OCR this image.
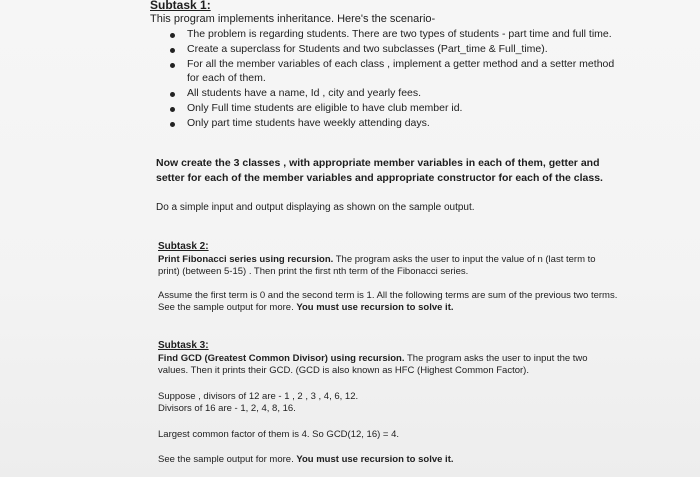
Subtask 1:
This program implements inheritance. Here's the scenario-
The problem is regarding students. There are two types of students - part time and full time.
Create a superclass for Students and two subclasses (Part_time & Full_time).
For all the member variables of each class , implement a getter method and a setter method for each of them.
All students have a name, Id , city and yearly fees.
Only Full time students are eligible to have club member id.
Only part time students have weekly attending days.
Now create the 3 classes , with appropriate member variables in each of them, getter and setter for each of the member variables and appropriate constructor for each of the class.
Do a simple input and output displaying as shown on the sample output.
Subtask 2:

Print Fibonacci series using recursion. The program asks the user to input the value of n (last term to print) (between 5-15) . Then print the first nth term of the Fibonacci series.

Assume the first term is 0 and the second term is 1. All the following terms are sum of the previous two terms. See the sample output for more. You must use recursion to solve it.

Subtask 3:

Find GCD (Greatest Common Divisor) using recursion. The program asks the user to input the two values. Then it prints their GCD. (GCD is also known as HFC (Highest Common Factor).

Suppose , divisors of 12 are - 1 , 2 , 3 , 4, 6, 12.

Divisors of 16 are - 1, 2, 4, 8, 16.

Largest common factor of them is 4. So GCD(12, 16) = 4.

See the sample output for more. You must use recursion to solve it.
